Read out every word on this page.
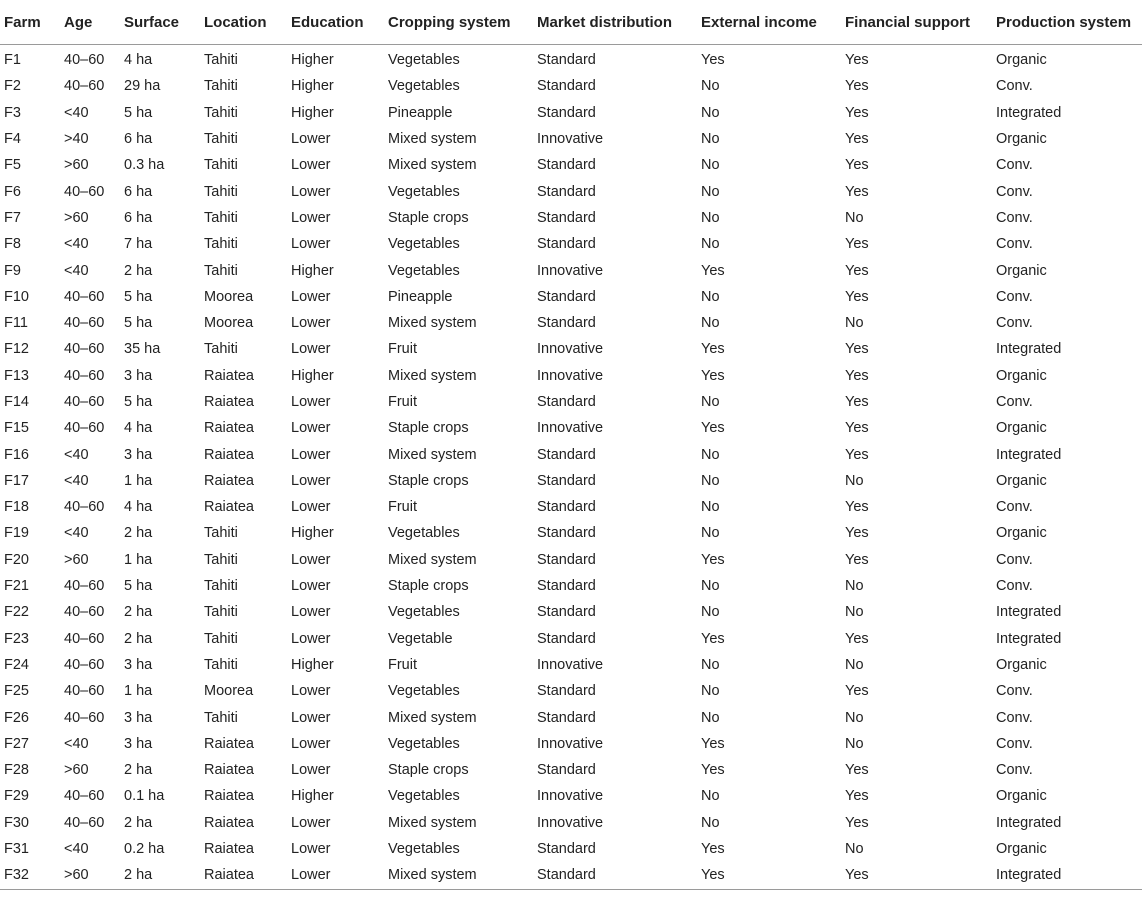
Farm	Age	Surface	Location	Education	Cropping system	Market distribution	External income	Financial support	Production system
F1	40–60	4 ha	Tahiti	Higher	Vegetables	Standard	Yes	Yes	Organic
F2	40–60	29 ha	Tahiti	Higher	Vegetables	Standard	No	Yes	Conv.
F3	<40	5 ha	Tahiti	Higher	Pineapple	Standard	No	Yes	Integrated
F4	>40	6 ha	Tahiti	Lower	Mixed system	Innovative	No	Yes	Organic
F5	>60	0.3 ha	Tahiti	Lower	Mixed system	Standard	No	Yes	Conv.
F6	40–60	6 ha	Tahiti	Lower	Vegetables	Standard	No	Yes	Conv.
F7	>60	6 ha	Tahiti	Lower	Staple crops	Standard	No	No	Conv.
F8	<40	7 ha	Tahiti	Lower	Vegetables	Standard	No	Yes	Conv.
F9	<40	2 ha	Tahiti	Higher	Vegetables	Innovative	Yes	Yes	Organic
F10	40–60	5 ha	Moorea	Lower	Pineapple	Standard	No	Yes	Conv.
F11	40–60	5 ha	Moorea	Lower	Mixed system	Standard	No	No	Conv.
F12	40–60	35 ha	Tahiti	Lower	Fruit	Innovative	Yes	Yes	Integrated
F13	40–60	3 ha	Raiatea	Higher	Mixed system	Innovative	Yes	Yes	Organic
F14	40–60	5 ha	Raiatea	Lower	Fruit	Standard	No	Yes	Conv.
F15	40–60	4 ha	Raiatea	Lower	Staple crops	Innovative	Yes	Yes	Organic
F16	<40	3 ha	Raiatea	Lower	Mixed system	Standard	No	Yes	Integrated
F17	<40	1 ha	Raiatea	Lower	Staple crops	Standard	No	No	Organic
F18	40–60	4 ha	Raiatea	Lower	Fruit	Standard	No	Yes	Conv.
F19	<40	2 ha	Tahiti	Higher	Vegetables	Standard	No	Yes	Organic
F20	>60	1 ha	Tahiti	Lower	Mixed system	Standard	Yes	Yes	Conv.
F21	40–60	5 ha	Tahiti	Lower	Staple crops	Standard	No	No	Conv.
F22	40–60	2 ha	Tahiti	Lower	Vegetables	Standard	No	No	Integrated
F23	40–60	2 ha	Tahiti	Lower	Vegetable	Standard	Yes	Yes	Integrated
F24	40–60	3 ha	Tahiti	Higher	Fruit	Innovative	No	No	Organic
F25	40–60	1 ha	Moorea	Lower	Vegetables	Standard	No	Yes	Conv.
F26	40–60	3 ha	Tahiti	Lower	Mixed system	Standard	No	No	Conv.
F27	<40	3 ha	Raiatea	Lower	Vegetables	Innovative	Yes	No	Conv.
F28	>60	2 ha	Raiatea	Lower	Staple crops	Standard	Yes	Yes	Conv.
F29	40–60	0.1 ha	Raiatea	Higher	Vegetables	Innovative	No	Yes	Organic
F30	40–60	2 ha	Raiatea	Lower	Mixed system	Innovative	No	Yes	Integrated
F31	<40	0.2 ha	Raiatea	Lower	Vegetables	Standard	Yes	No	Organic
F32	>60	2 ha	Raiatea	Lower	Mixed system	Standard	Yes	Yes	Integrated
